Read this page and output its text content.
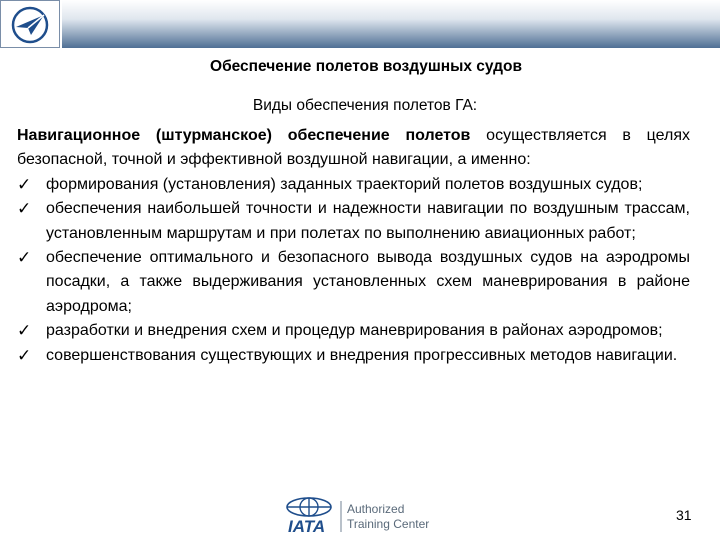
Обеспечение полетов воздушных судов
Виды обеспечения полетов ГА:
Навигационное (штурманское) обеспечение полетов осуществляется в целях безопасной, точной и эффективной воздушной навигации, а именно:
✓ формирования (установления) заданных траекторий полетов воздушных судов;
✓ обеспечения наибольшей точности и надежности навигации по воздушным трассам, установленным маршрутам и при полетах по выполнению авиационных работ;
✓ обеспечение оптимального и безопасного вывода воздушных судов на аэродромы посадки, а также выдерживания установленных схем маневрирования в районе аэродрома;
✓ разработки и внедрения схем и процедур маневрирования в районах аэродромов;
✓ совершенствования существующих и внедрения прогрессивных методов навигации.
IATA
Authorized
Training Center
31
